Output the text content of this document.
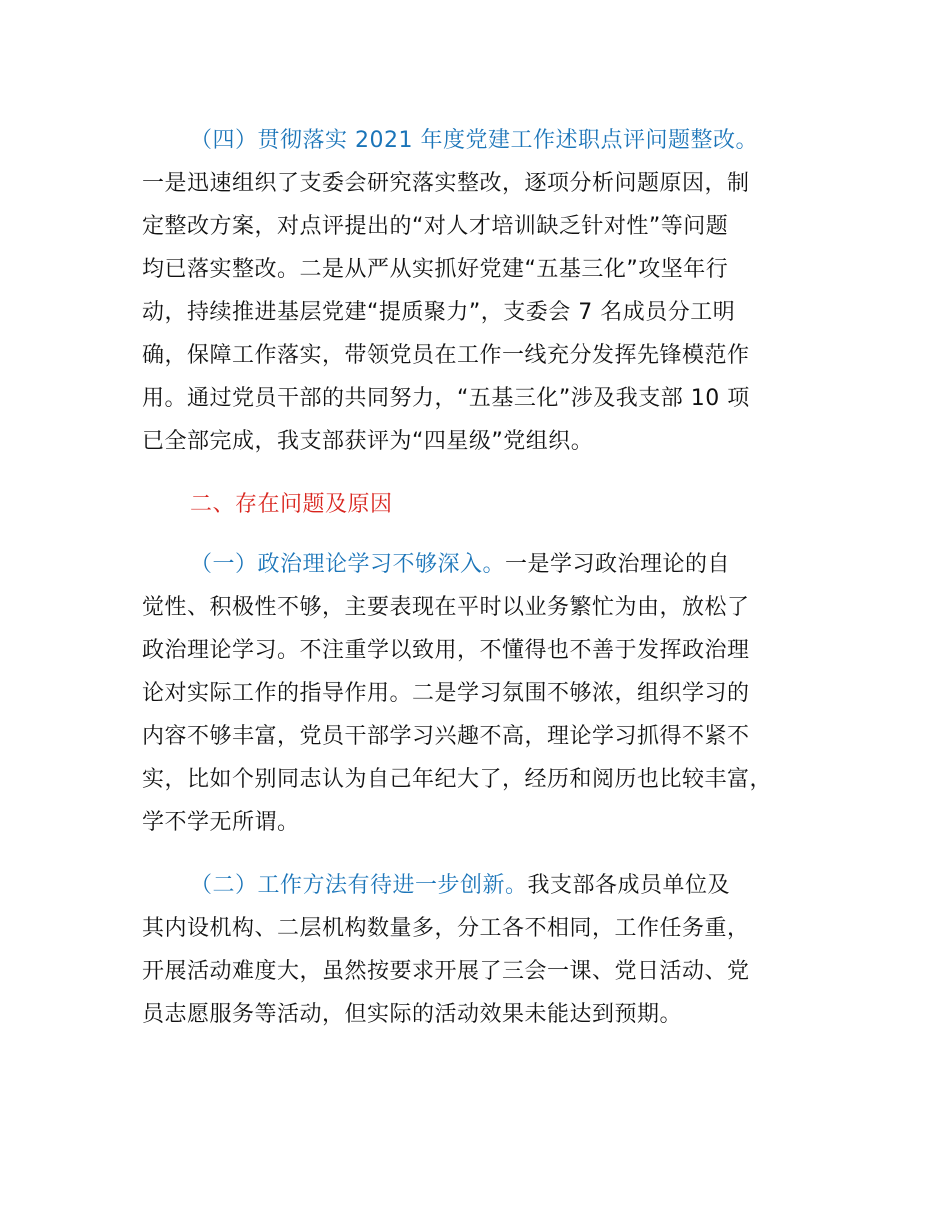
（四）贯彻落实 2021 年度党建工作述职点评问题整改。
一是迅速组织了支委会研究落实整改，逐项分析问题原因，制
定整改方案，对点评提出的“对人才培训缺乏针对性”等问题
均已落实整改。二是从严从实抓好党建“五基三化”攻坚年行
动，持续推进基层党建“提质聚力”，支委会 7 名成员分工明
确，保障工作落实，带领党员在工作一线充分发挥先锋模范作
用。通过党员干部的共同努力，“五基三化”涉及我支部 10 项
已全部完成，我支部获评为“四星级”党组织。
二、存在问题及原因
（一）政治理论学习不够深入。一是学习政治理论的自
觉性、积极性不够，主要表现在平时以业务繁忙为由，放松了
政治理论学习。不注重学以致用，不懂得也不善于发挥政治理
论对实际工作的指导作用。二是学习氛围不够浓，组织学习的
内容不够丰富，党员干部学习兴趣不高，理论学习抓得不紧不
实，比如个别同志认为自己年纪大了，经历和阅历也比较丰富，
学不学无所谓。
（二）工作方法有待进一步创新。我支部各成员单位及
其内设机构、二层机构数量多，分工各不相同，工作任务重，
开展活动难度大，虽然按要求开展了三会一课、党日活动、党
员志愿服务等活动，但实际的活动效果未能达到预期。
